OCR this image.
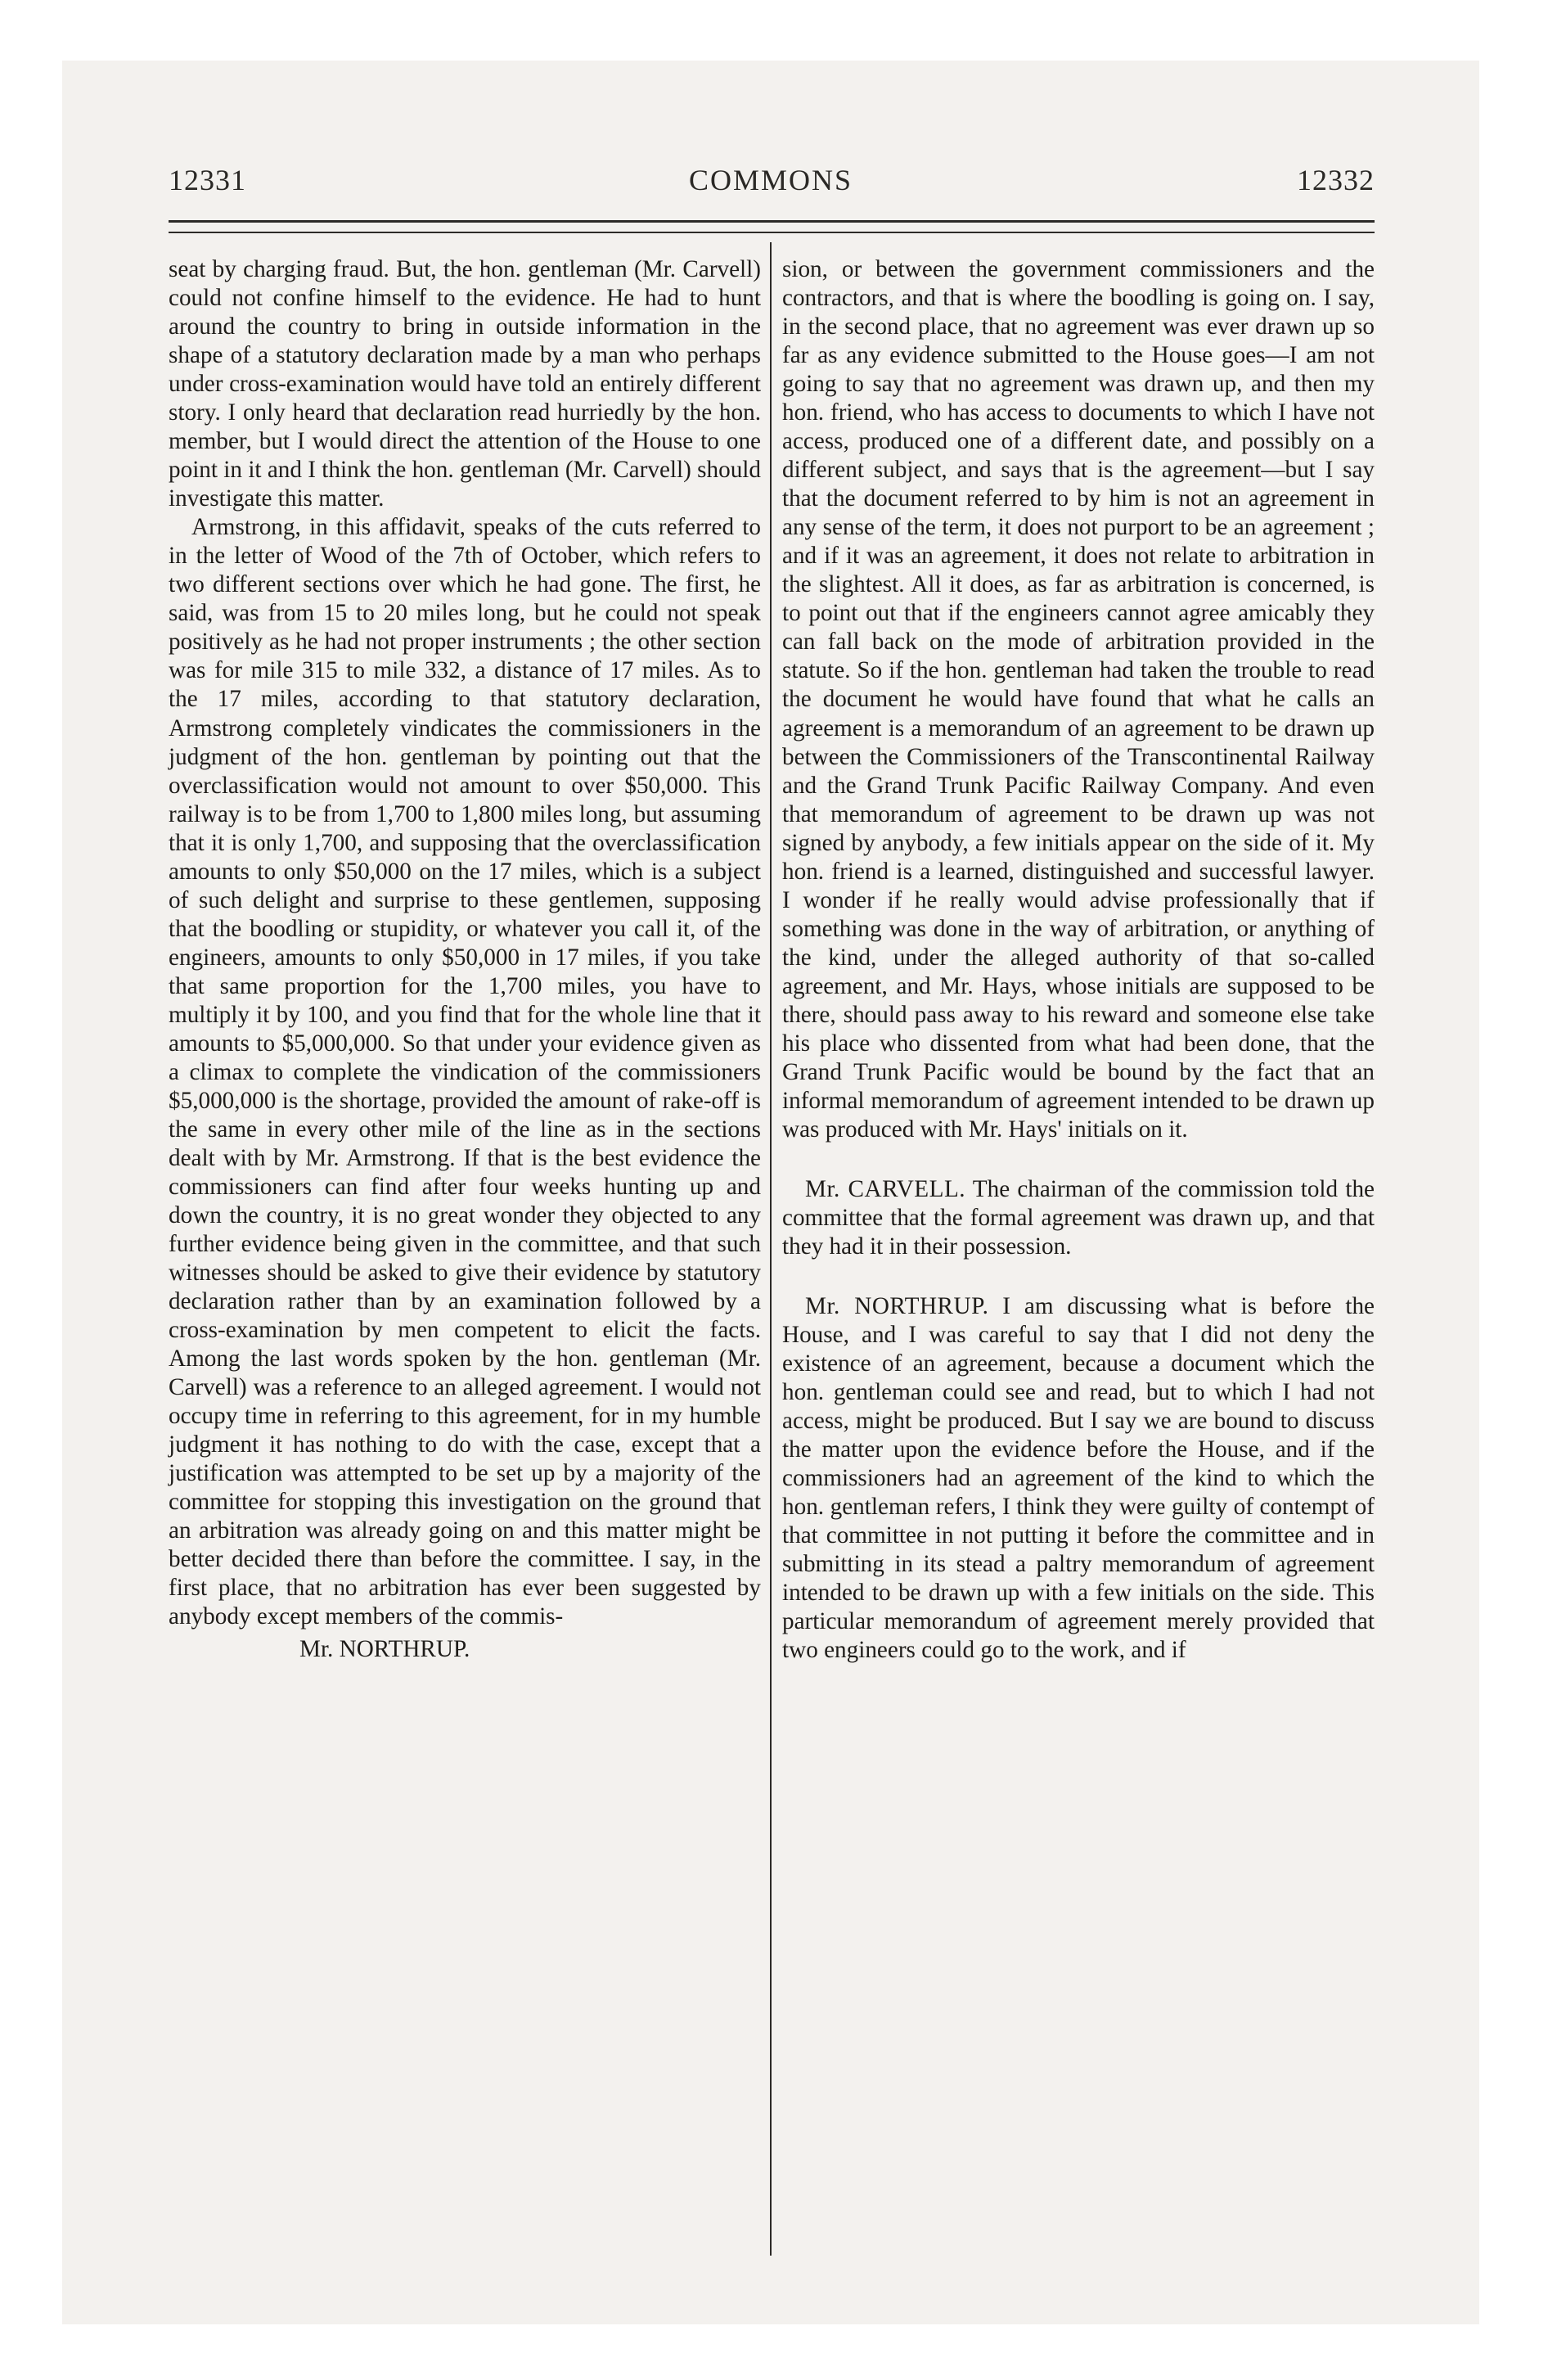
12331	COMMONS	12332

seat by charging fraud. But, the hon. gentleman (Mr. Carvell) could not confine himself to the evidence. He had to hunt around the country to bring in outside information in the shape of a statutory declaration made by a man who perhaps under cross-examination would have told an entirely different story. I only heard that declaration read hurriedly by the hon. member, but I would direct the attention of the House to one point in it and I think the hon. gentleman (Mr. Carvell) should investigate this matter.

Armstrong, in this affidavit, speaks of the cuts referred to in the letter of Wood of the 7th of October, which refers to two different sections over which he had gone. The first, he said, was from 15 to 20 miles long, but he could not speak positively as he had not proper instruments ; the other section was for mile 315 to mile 332, a distance of 17 miles. As to the 17 miles, according to that statutory declaration, Armstrong completely vindicates the commissioners in the judgment of the hon. gentleman by pointing out that the overclassification would not amount to over $50,000. This railway is to be from 1,700 to 1,800 miles long, but assuming that it is only 1,700, and supposing that the overclassification amounts to only $50,000 on the 17 miles, which is a subject of such delight and surprise to these gentlemen, supposing that the boodling or stupidity, or whatever you call it, of the engineers, amounts to only $50,000 in 17 miles, if you take that same proportion for the 1,700 miles, you have to multiply it by 100, and you find that for the whole line that it amounts to $5,000,000. So that under your evidence given as a climax to complete the vindication of the commissioners $5,000,000 is the shortage, provided the amount of rake-off is the same in every other mile of the line as in the sections dealt with by Mr. Armstrong. If that is the best evidence the commissioners can find after four weeks hunting up and down the country, it is no great wonder they objected to any further evidence being given in the committee, and that such witnesses should be asked to give their evidence by statutory declaration rather than by an examination followed by a cross-examination by men competent to elicit the facts. Among the last words spoken by the hon. gentleman (Mr. Carvell) was a reference to an alleged agreement. I would not occupy time in referring to this agreement, for in my humble judgment it has nothing to do with the case, except that a justification was attempted to be set up by a majority of the committee for stopping this investigation on the ground that an arbitration was already going on and this matter might be better decided there than before the committee. I say, in the first place, that no arbitration has ever been suggested by anybody except members of the commis-

Mr. NORTHRUP.

sion, or between the government commissioners and the contractors, and that is where the boodling is going on. I say, in the second place, that no agreement was ever drawn up so far as any evidence submitted to the House goes—I am not going to say that no agreement was drawn up, and then my hon. friend, who has access to documents to which I have not access, produced one of a different date, and possibly on a different subject, and says that is the agreement—but I say that the document referred to by him is not an agreement in any sense of the term, it does not purport to be an agreement ; and if it was an agreement, it does not relate to arbitration in the slightest. All it does, as far as arbitration is concerned, is to point out that if the engineers cannot agree amicably they can fall back on the mode of arbitration provided in the statute. So if the hon. gentleman had taken the trouble to read the document he would have found that what he calls an agreement is a memorandum of an agreement to be drawn up between the Commissioners of the Transcontinental Railway and the Grand Trunk Pacific Railway Company. And even that memorandum of agreement to be drawn up was not signed by anybody, a few initials appear on the side of it. My hon. friend is a learned, distinguished and successful lawyer. I wonder if he really would advise professionally that if something was done in the way of arbitration, or anything of the kind, under the alleged authority of that so-called agreement, and Mr. Hays, whose initials are supposed to be there, should pass away to his reward and someone else take his place who dissented from what had been done, that the Grand Trunk Pacific would be bound by the fact that an informal memorandum of agreement intended to be drawn up was produced with Mr. Hays' initials on it.

Mr. CARVELL. The chairman of the commission told the committee that the formal agreement was drawn up, and that they had it in their possession.

Mr. NORTHRUP. I am discussing what is before the House, and I was careful to say that I did not deny the existence of an agreement, because a document which the hon. gentleman could see and read, but to which I had not access, might be produced. But I say we are bound to discuss the matter upon the evidence before the House, and if the commissioners had an agreement of the kind to which the hon. gentleman refers, I think they were guilty of contempt of that committee in not putting it before the committee and in submitting in its stead a paltry memorandum of agreement intended to be drawn up with a few initials on the side. This particular memorandum of agreement merely provided that two engineers could go to the work, and if
